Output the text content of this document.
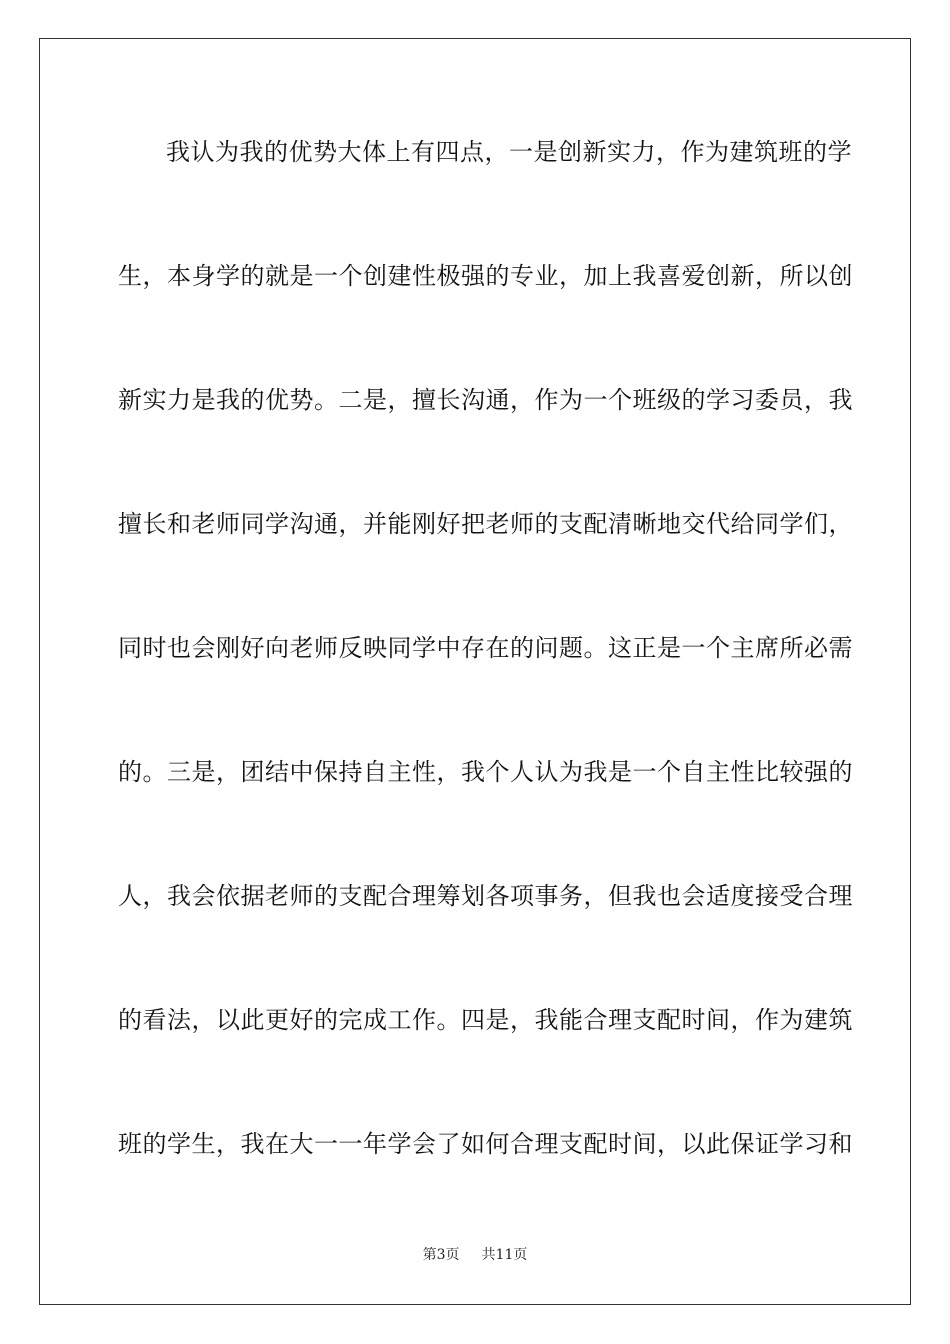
我认为我的优势大体上有四点，一是创新实力，作为建筑班的学
生，本身学的就是一个创建性极强的专业，加上我喜爱创新，所以创
新实力是我的优势。二是，擅长沟通，作为一个班级的学习委员，我
擅长和老师同学沟通，并能刚好把老师的支配清晰地交代给同学们，
同时也会刚好向老师反映同学中存在的问题。这正是一个主席所必需
的。三是，团结中保持自主性，我个人认为我是一个自主性比较强的
人，我会依据老师的支配合理筹划各项事务，但我也会适度接受合理
的看法，以此更好的完成工作。四是，我能合理支配时间，作为建筑
班的学生，我在大一一年学会了如何合理支配时间，以此保证学习和
第3页 共11页
